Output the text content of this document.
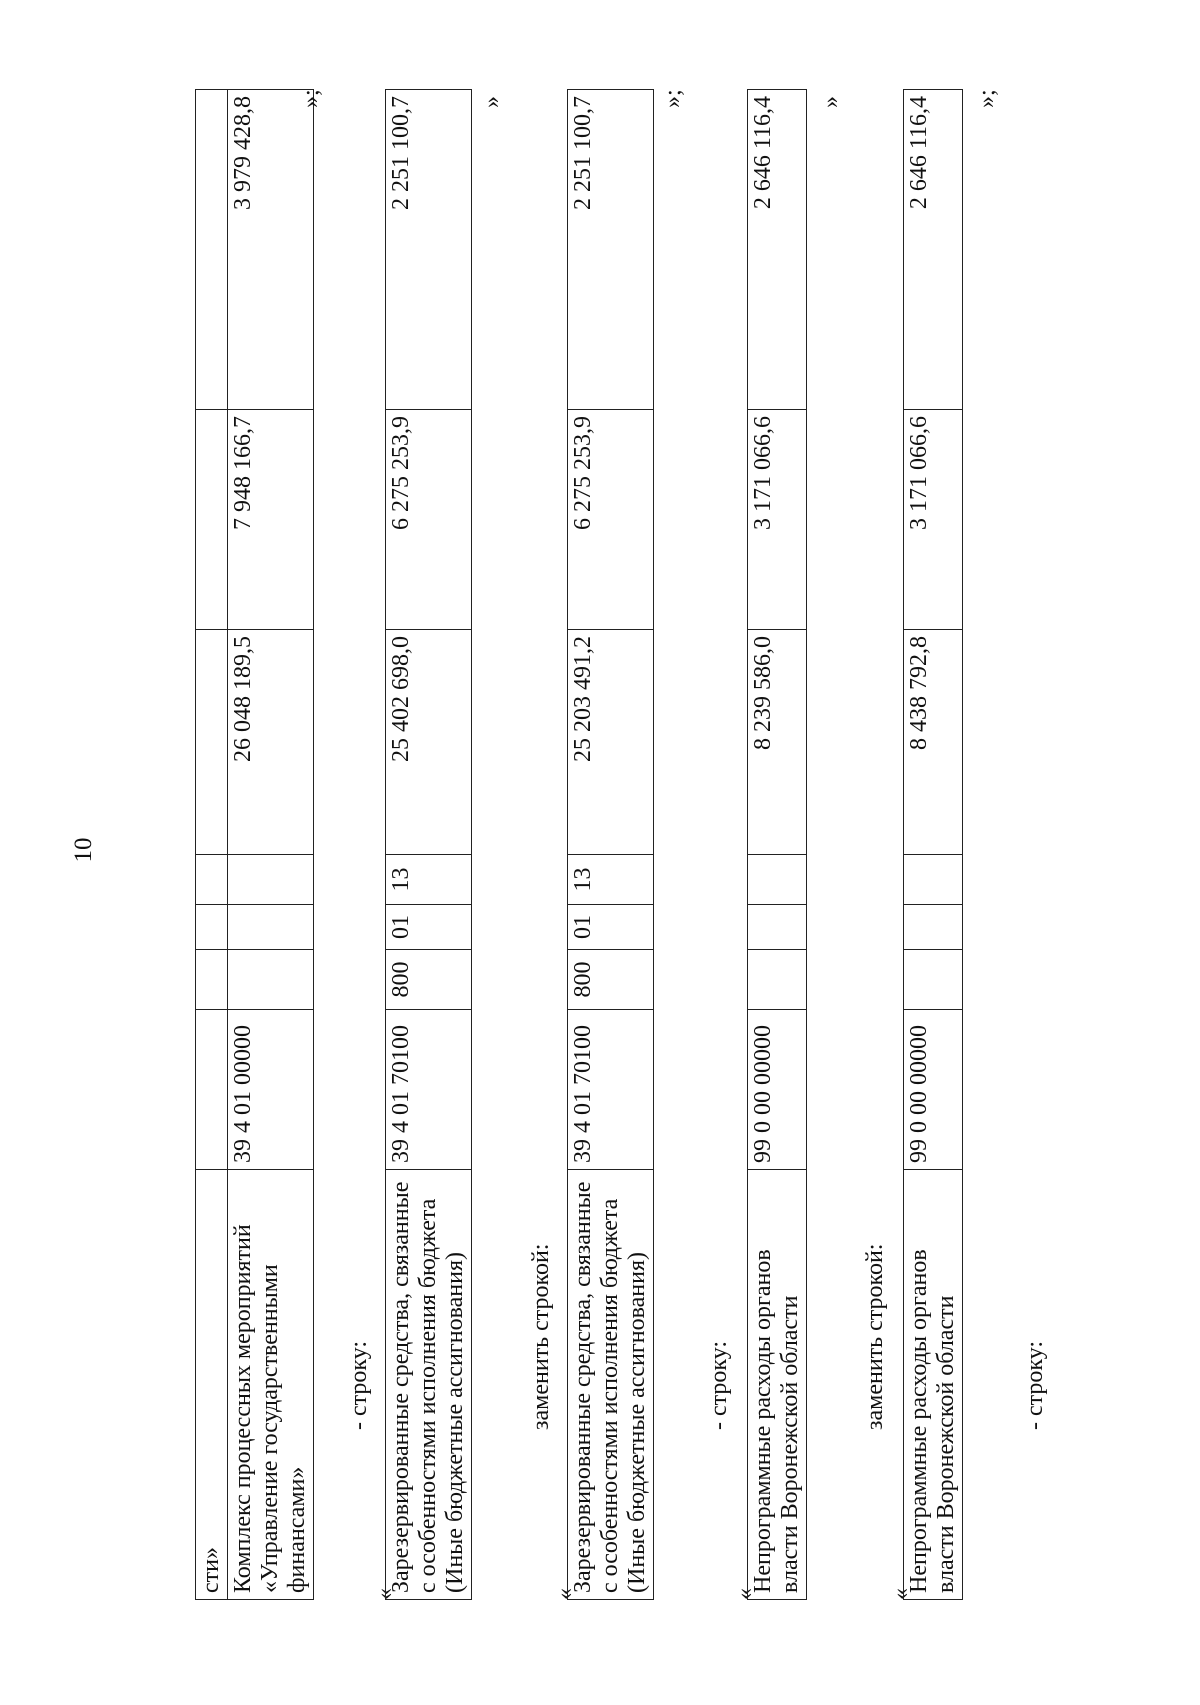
10
сти»							
Комплекс процессных мероприятий «Управление государственными финансами»	39 4 01 00000				26 048 189,5	7 948 166,7	3 979 428,8 »;
- строку:
«
Зарезервированные средства, связанные с особенностями исполнения бюджета (Иные бюджетные ассигнования)	39 4 01 70100	800	01	13	25 402 698,0	6 275 253,9	2 251 100,7	»
заменить строкой:
«
Зарезервированные средства, связанные с особенностями исполнения бюджета (Иные бюджетные ассигнования)	39 4 01 70100	800	01	13	25 203 491,2	6 275 253,9	2 251 100,7	»;
- строку:
«
Непрограммные расходы органов власти Воронежской области	99 0 00 00000				8 239 586,0	3 171 066,6	2 646 116,4 »
заменить строкой:
«
Непрограммные расходы органов власти Воронежской области	99 0 00 00000				8 438 792,8	3 171 066,6	2 646 116,4 »;
- строку:
